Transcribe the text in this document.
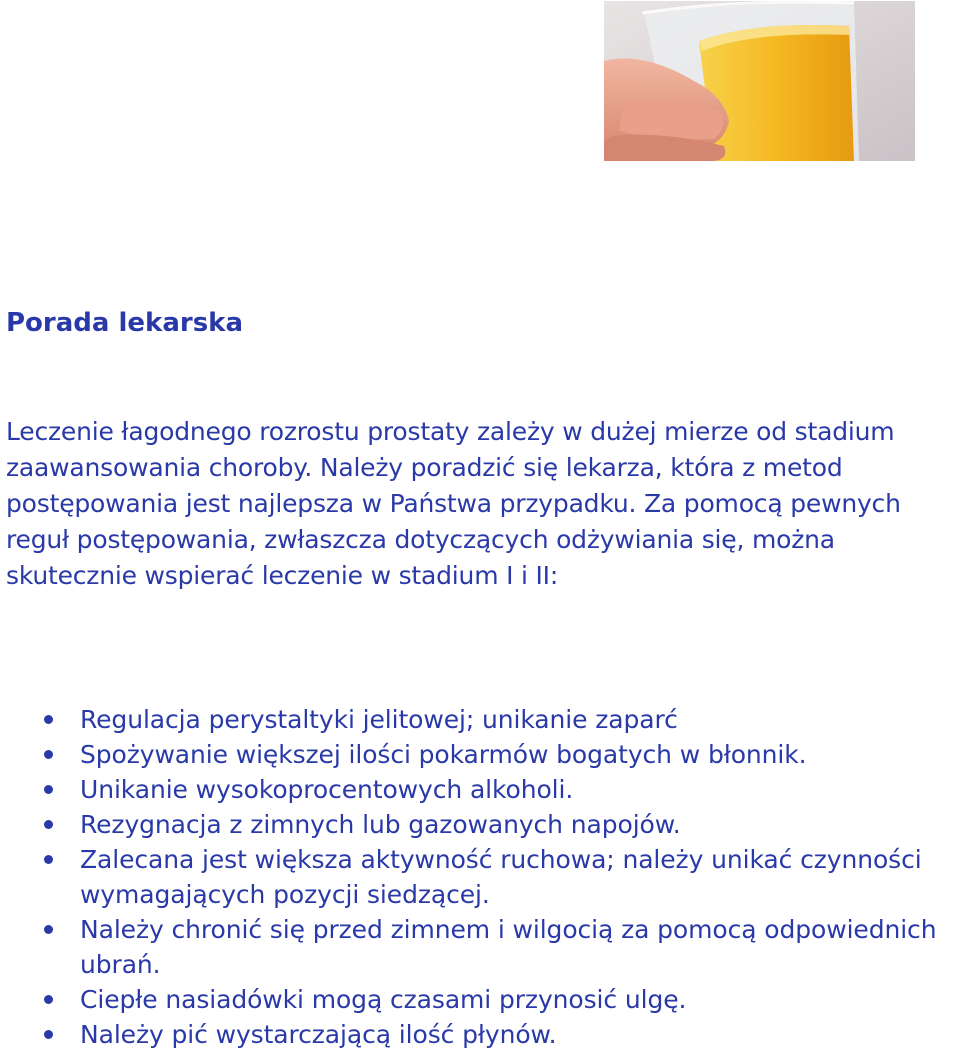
Porada lekarska

Leczenie łagodnego rozrostu prostaty zależy w dużej mierze od stadium zaawansowania choroby. Należy poradzić się lekarza, która z metod postępowania jest najlepsza w Państwa przypadku. Za pomocą pewnych reguł postępowania, zwłaszcza dotyczących odżywiania się, można skutecznie wspierać leczenie w stadium I i II:

Regulacja perystaltyki jelitowej; unikanie zaparć
Spożywanie większej ilości pokarmów bogatych w błonnik.
Unikanie wysokoprocentowych alkoholi.
Rezygnacja z zimnych lub gazowanych napojów.
Zalecana jest większa aktywność ruchowa; należy unikać czynności wymagających pozycji siedzącej.
Należy chronić się przed zimnem i wilgocią za pomocą odpowiednich ubrań.
Ciepłe nasiadówki mogą czasami przynosić ulgę.
Należy pić wystarczającą ilość płynów.
